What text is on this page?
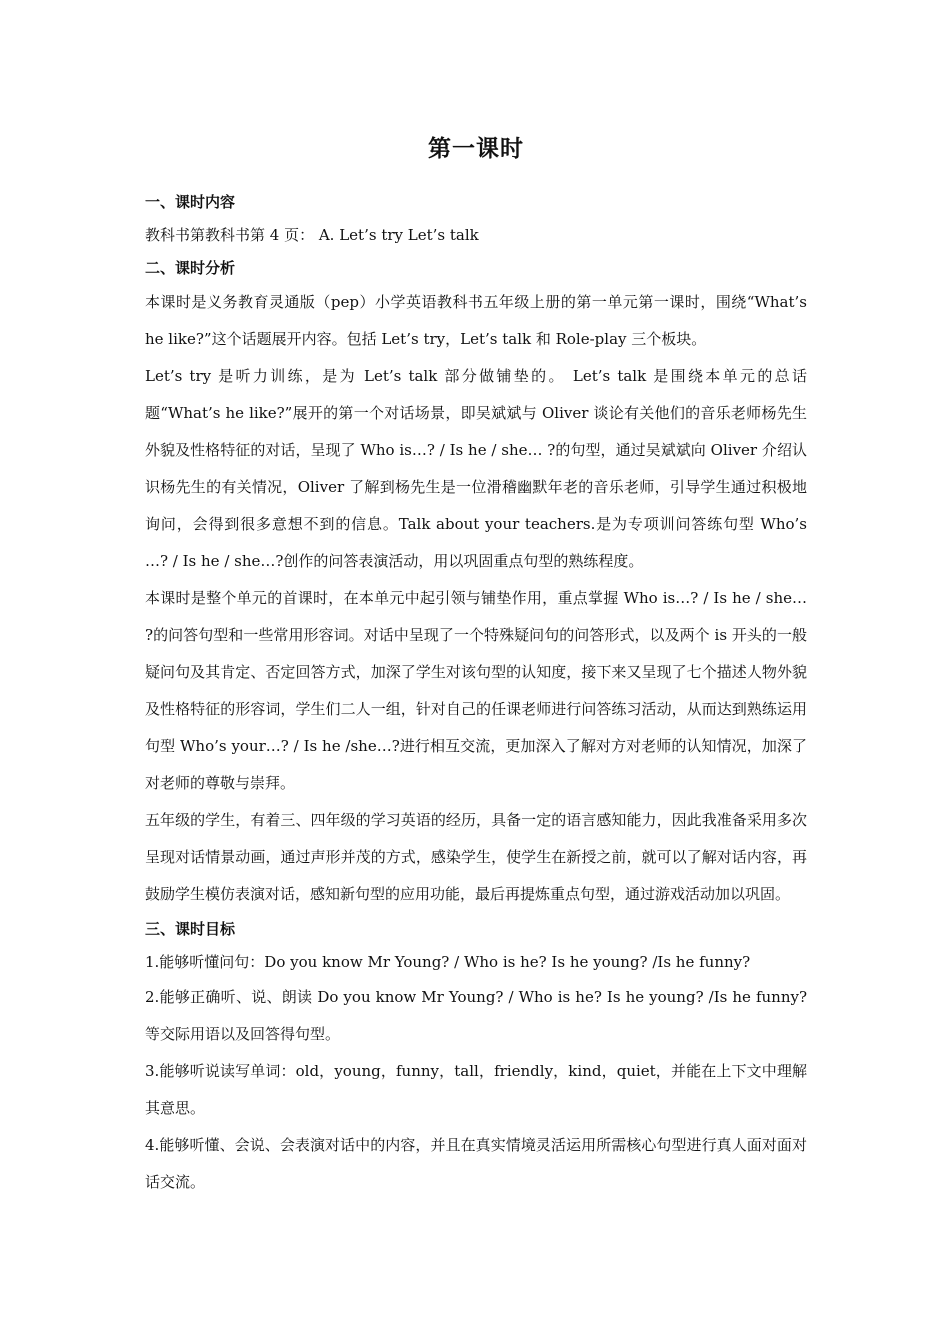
第一课时
一、课时内容
教科书第教科书第 4 页： A. Let’s try Let’s talk
二、课时分析
本课时是义务教育灵通版（pep）小学英语教科书五年级上册的第一单元第一课时，围绕“What’s he like?”这个话题展开内容。包括 Let’s try，Let’s talk 和 Role-play 三个板块。
Let’s try 是听力训练，是为 Let’s talk 部分做铺垫的。 Let’s talk 是围绕本单元的总话题“What’s he like?”展开的第一个对话场景，即吴斌斌与 Oliver 谈论有关他们的音乐老师杨先生外貌及性格特征的对话，呈现了 Who is…? / Is he / she… ?的句型，通过吴斌斌向 Oliver 介绍认识杨先生的有关情况，Oliver 了解到杨先生是一位滑稽幽默年老的音乐老师，引导学生通过积极地询问，会得到很多意想不到的信息。Talk about your teachers.是为专项训问答练句型 Who’s …? / Is he / she…?创作的问答表演活动，用以巩固重点句型的熟练程度。
本课时是整个单元的首课时，在本单元中起引领与铺垫作用，重点掌握 Who is…? / Is he / she… ?的问答句型和一些常用形容词。对话中呈现了一个特殊疑问句的问答形式，以及两个 is 开头的一般疑问句及其肯定、否定回答方式，加深了学生对该句型的认知度，接下来又呈现了七个描述人物外貌及性格特征的形容词，学生们二人一组，针对自己的任课老师进行问答练习活动，从而达到熟练运用句型 Who’s your…? / Is he /she…?进行相互交流，更加深入了解对方对老师的认知情况，加深了对老师的尊敬与崇拜。
五年级的学生，有着三、四年级的学习英语的经历，具备一定的语言感知能力，因此我准备采用多次呈现对话情景动画，通过声形并茂的方式，感染学生，使学生在新授之前，就可以了解对话内容，再鼓励学生模仿表演对话，感知新句型的应用功能，最后再提炼重点句型，通过游戏活动加以巩固。
三、课时目标
1.能够听懂问句：Do you know Mr Young? / Who is he? Is he young? /Is he funny?
2.能够正确听、说、朗读 Do you know Mr Young? / Who is he? Is he young? /Is he funny? 等交际用语以及回答得句型。
3.能够听说读写单词：old，young，funny，tall，friendly，kind，quiet，并能在上下文中理解其意思。
4.能够听懂、会说、会表演对话中的内容，并且在真实情境灵活运用所需核心句型进行真人面对面对话交流。
